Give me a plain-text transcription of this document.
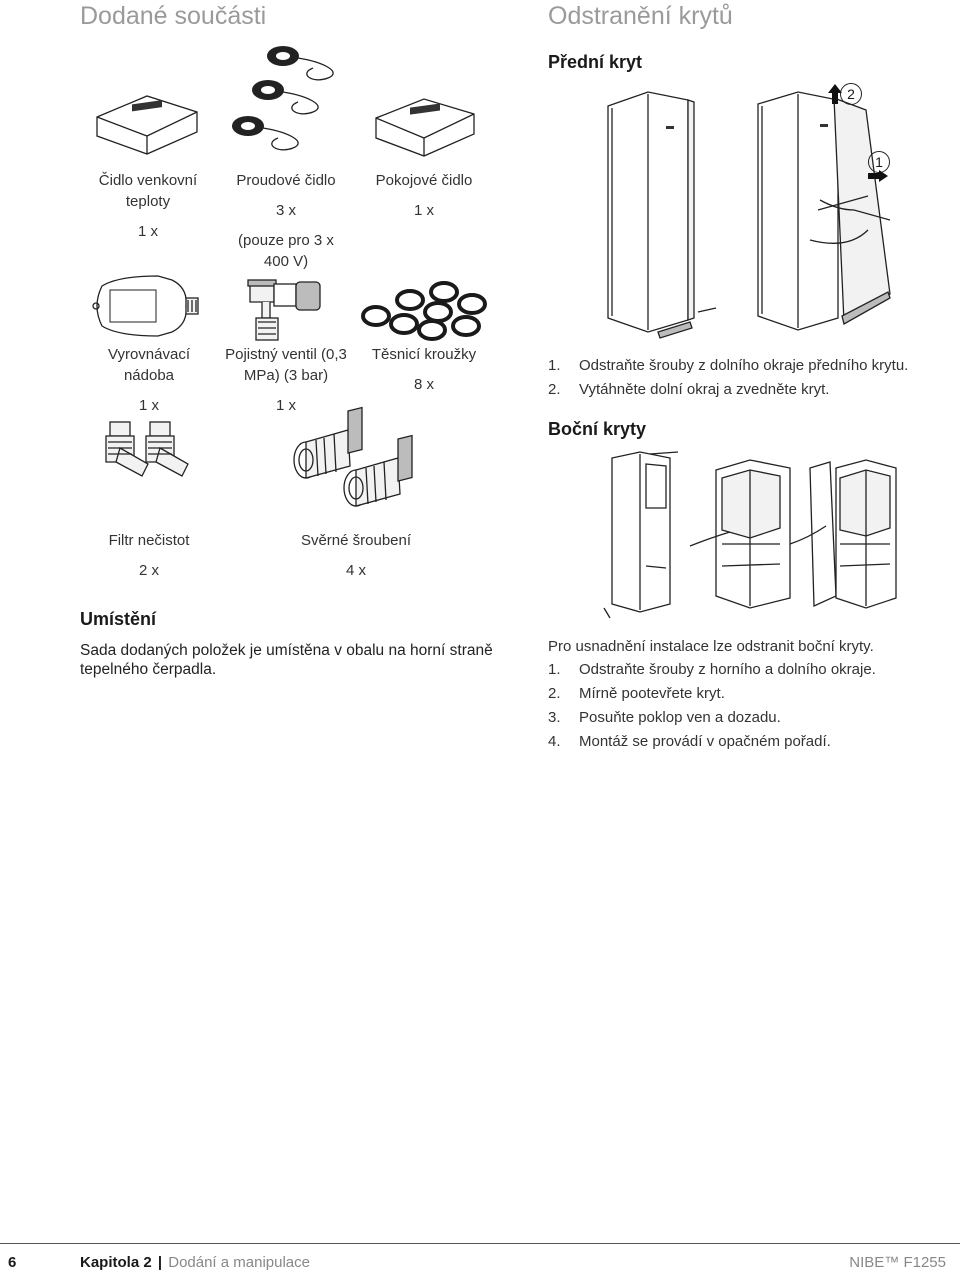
Dodané součásti
Čidlo venkovní teploty
1 x
Proudové čidlo
3 x
(pouze pro 3 x 400 V)
Pokojové čidlo
1 x
Vyrovnávací nádoba
1 x
Pojistný ventil (0,3 MPa) (3 bar)
1 x
Těsnicí kroužky
8 x
Filtr nečistot
2 x
Svěrné šroubení
4 x
Umístění
Sada dodaných položek je umístěna v obalu na horní straně tepelného čerpadla.
Odstranění krytů
Přední kryt
2
1
1.	Odstraňte šrouby z dolního okraje předního krytu.
2.	Vytáhněte dolní okraj a zvedněte kryt.
Boční kryty
Pro usnadnění instalace lze odstranit boční kryty.
1.	Odstraňte šrouby z horního a dolního okraje.
2.	Mírně pootevřete kryt.
3.	Posuňte poklop ven a dozadu.
4.	Montáž se provádí v opačném pořadí.
6	Kapitola 2 | Dodání a manipulace	NIBE™ F1255
